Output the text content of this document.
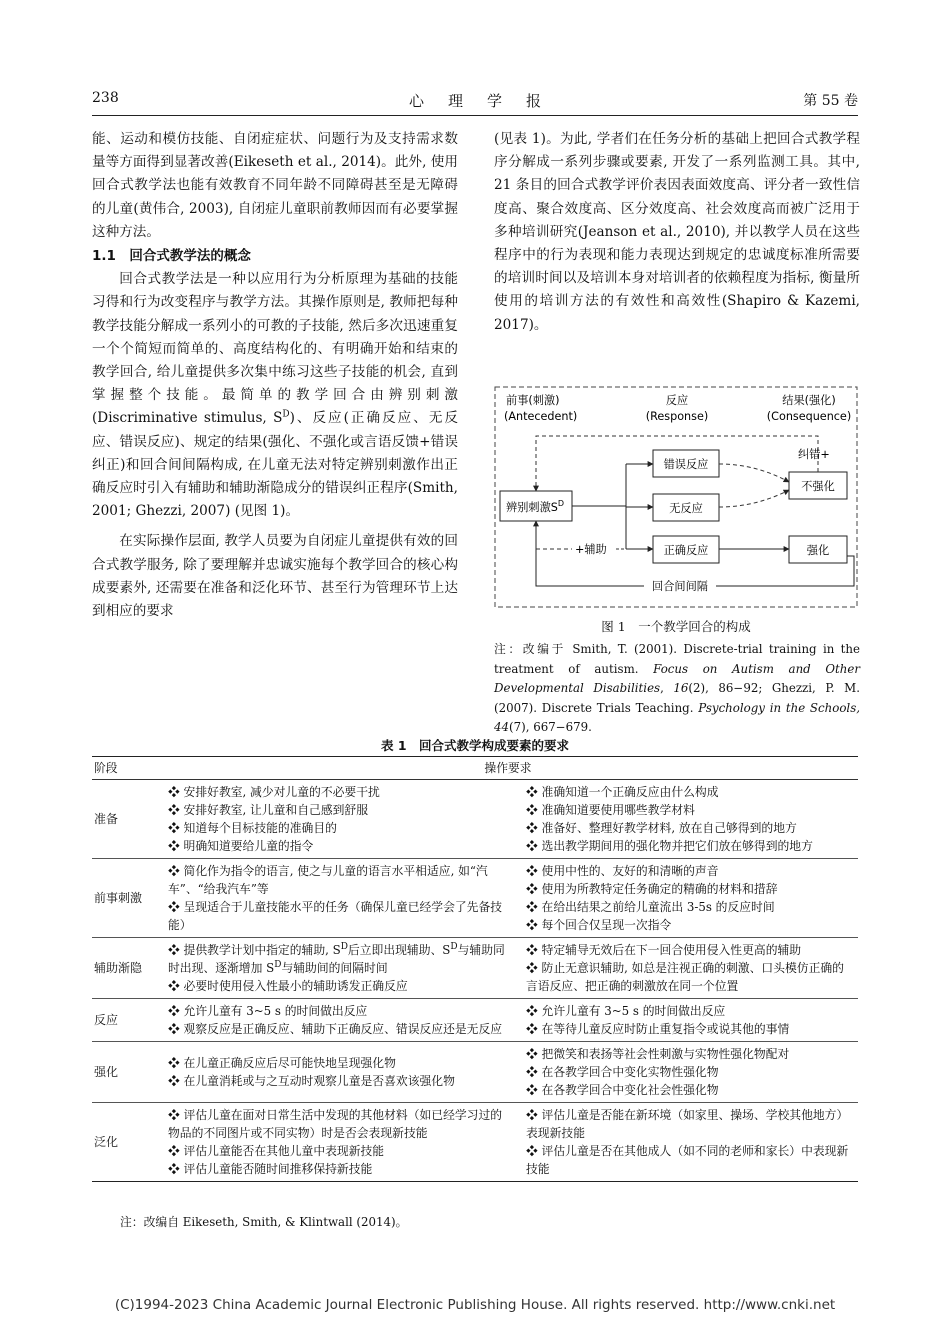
238	心理学报	第 55 卷

能、运动和模仿技能、自闭症症状、问题行为及支持需求数量等方面得到显著改善(Eikeseth et al., 2014)。此外, 使用回合式教学法也能有效教育不同年龄不同障碍甚至是无障碍的儿童(黄伟合, 2003), 自闭症儿童职前教师因而有必要掌握这种方法。

1.1　回合式教学法的概念

回合式教学法是一种以应用行为分析原理为基础的技能习得和行为改变程序与教学方法。其操作原则是, 教师把每种教学技能分解成一系列小的可教的子技能, 然后多次迅速重复一个个简短而简单的、高度结构化的、有明确开始和结束的教学回合, 给儿童提供多次集中练习这些子技能的机会, 直到掌握整个技能。最简单的教学回合由辨别刺激(Discriminative stimulus, $S^D$)、反应(正确反应、无反应、错误反应)、规定的结果(强化、不强化或言语反馈+错误纠正)和回合间间隔构成, 在儿童无法对特定辨别刺激作出正确反应时引入有辅助和辅助渐隐成分的错误纠正程序(Smith, 2001; Ghezzi, 2007) (见图 1)。

在实际操作层面, 教学人员要为自闭症儿童提供有效的回合式教学服务, 除了要理解并忠诚实施每个教学回合的核心构成要素外, 还需要在准备和泛化环节、甚至行为管理环节上达到相应的要求

(见表 1)。为此, 学者们在任务分析的基础上把回合式教学程序分解成一系列步骤或要素, 开发了一系列监测工具。其中, 21 条目的回合式教学评价表因表面效度高、评分者一致性信度高、聚合效度高、区分效度高、社会效度高而被广泛用于多种培训研究(Jeanson et al., 2010), 并以教学人员在这些程序中的行为表现和能力表现达到规定的忠诚度标准所需要的培训时间以及培训本身对培训者的依赖程度为指标, 衡量所使用的培训方法的有效性和高效性(Shapiro & Kazemi, 2017)。

前事(刺激)
(Antecedent)
反应
(Response)
结果(强化)
(Consequence)
辨别刺激$S^D$
错误反应
无反应
正确反应
不强化
强化
纠错+
+辅助
回合间间隔
图 1　一个教学回合的构成
注：改编于 Smith, T. (2001). Discrete-trial training in the treatment of autism. Focus on Autism and Other Developmental Disabilities, 16(2), 86−92; Ghezzi, P. M. (2007). Discrete Trials Teaching. Psychology in the Schools, 44(7), 667−679.
表 1　回合式教学构成要素的要求
阶段	操作要求	
准备	❖ 安排好教室, 减少对儿童的不必要干扰
❖ 安排好教室, 让儿童和自己感到舒服
❖ 知道每个目标技能的准确目的
❖ 明确知道要给儿童的指令	❖ 准确知道一个正确反应由什么构成
❖ 准确知道要使用哪些教学材料
❖ 准备好、整理好教学材料, 放在自己够得到的地方
❖ 选出教学期间用的强化物并把它们放在够得到的地方

前事刺激	❖ 简化作为指令的语言, 使之与儿童的语言水平相适应, 如“汽车”、“给我汽车”等
❖ 呈现适合于儿童技能水平的任务（确保儿童已经学会了先备技能）	❖ 使用中性的、友好的和清晰的声音
❖ 使用为所教特定任务确定的精确的材料和措辞
❖ 在给出结果之前给儿童流出 3-5s 的反应时间
❖ 每个回合仅呈现一次指令

辅助渐隐	❖ 提供教学计划中指定的辅助, $S^D$后立即出现辅助、$S^D$与辅助同时出现、逐渐增加 $S^D$与辅助间的间隔时间
❖ 必要时使用侵入性最小的辅助诱发正确反应	❖ 特定辅导无效后在下一回合使用侵入性更高的辅助
❖ 防止无意识辅助, 如总是注视正确的刺激、口头模仿正确的言语反应、把正确的刺激放在同一个位置

反应	❖ 允许儿童有 3~5 s 的时间做出反应
❖ 观察反应是正确反应、辅助下正确反应、错误反应还是无反应	❖ 允许儿童有 3~5 s 的时间做出反应
❖ 在等待儿童反应时防止重复指令或说其他的事情

强化	❖ 在儿童正确反应后尽可能快地呈现强化物
❖ 在儿童消耗或与之互动时观察儿童是否喜欢该强化物	❖ 把微笑和表扬等社会性刺激与实物性强化物配对
❖ 在各教学回合中变化实物性强化物
❖ 在各教学回合中变化社会性强化物

泛化	❖ 评估儿童在面对日常生活中发现的其他材料（如已经学习过的物品的不同图片或不同实物）时是否会表现新技能
❖ 评估儿童能否在其他儿童中表现新技能
❖ 评估儿童能否随时间推移保持新技能	❖ 评估儿童是否能在新环境（如家里、操场、学校其他地方）表现新技能
❖ 评估儿童是否在其他成人（如不同的老师和家长）中表现新技能
注：改编自 Eikeseth, Smith, & Klintwall (2014)。
(C)1994-2023 China Academic Journal Electronic Publishing House. All rights reserved. http://www.cnki.net
